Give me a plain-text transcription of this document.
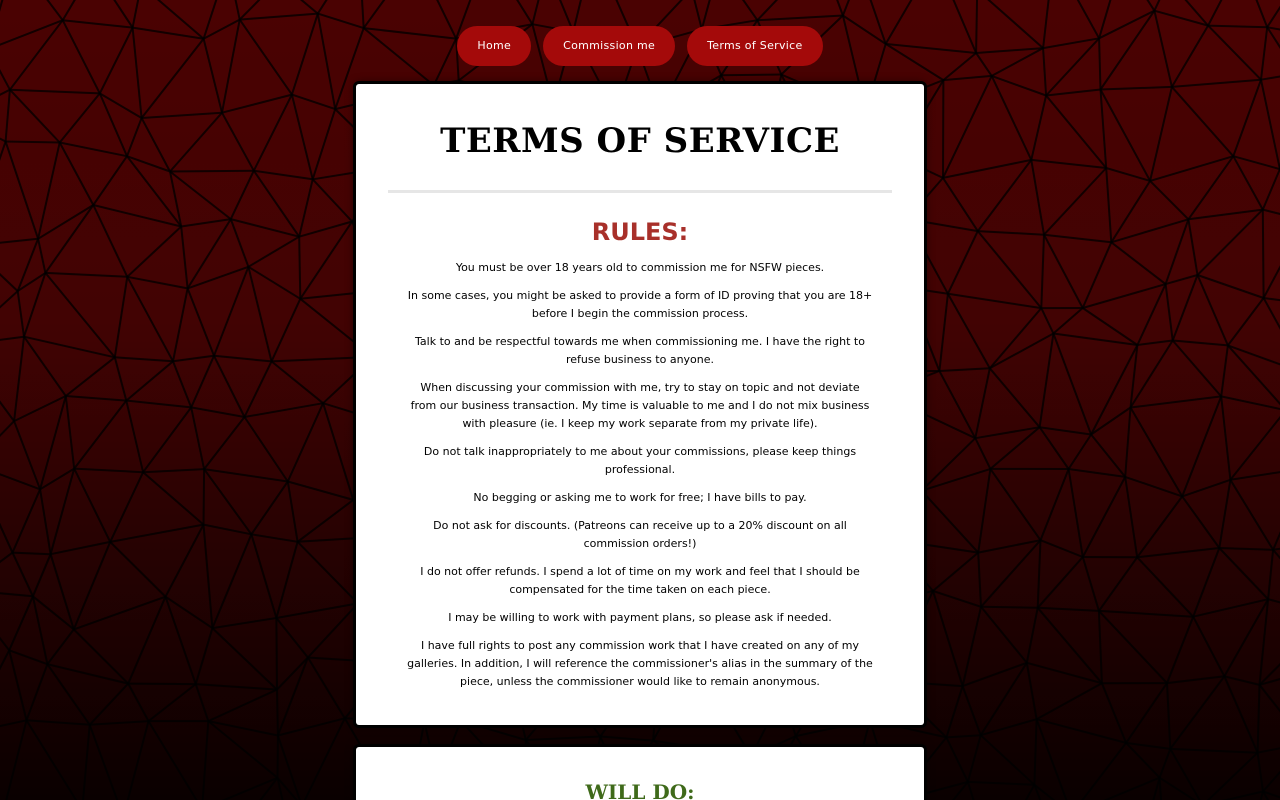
Home	Commission me	Terms of Service
TERMS OF SERVICE
RULES:

You must be over 18 years old to commission me for NSFW pieces.

In some cases, you might be asked to provide a form of ID proving that you are 18+ before I begin the commission process.

Talk to and be respectful towards me when commissioning me. I have the right to refuse business to anyone.

When discussing your commission with me, try to stay on topic and not deviate from our business transaction. My time is valuable to me and I do not mix business with pleasure (ie. I keep my work separate from my private life).

Do not talk inappropriately to me about your commissions, please keep things professional.

No begging or asking me to work for free; I have bills to pay.

Do not ask for discounts. (Patreons can receive up to a 20% discount on all commission orders!)

I do not offer refunds. I spend a lot of time on my work and feel that I should be compensated for the time taken on each piece.

I may be willing to work with payment plans, so please ask if needed.

I have full rights to post any commission work that I have created on any of my galleries. In addition, I will reference the commissioner's alias in the summary of the piece, unless the commissioner would like to remain anonymous.

WILL DO:
